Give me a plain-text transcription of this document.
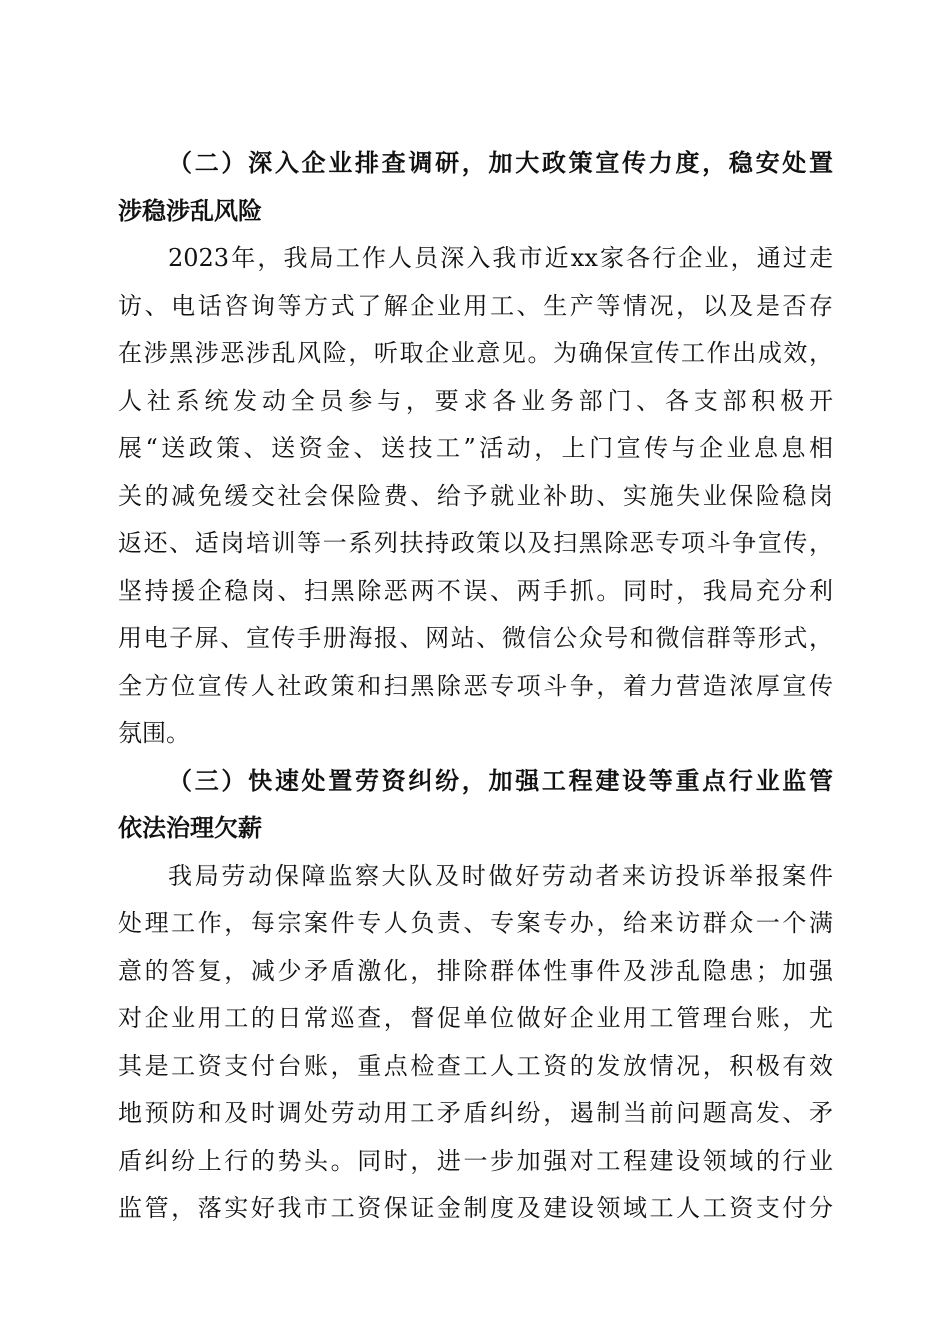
（二）深入企业排查调研，加大政策宣传力度，稳安处置
涉稳涉乱风险
2023年，我局工作人员深入我市近xx家各行企业，通过走
访、电话咨询等方式了解企业用工、生产等情况，以及是否存
在涉黑涉恶涉乱风险，听取企业意见。为确保宣传工作出成效，
人社系统发动全员参与，要求各业务部门、各支部积极开
展“送政策、送资金、送技工”活动，上门宣传与企业息息相
关的减免缓交社会保险费、给予就业补助、实施失业保险稳岗
返还、适岗培训等一系列扶持政策以及扫黑除恶专项斗争宣传，
坚持援企稳岗、扫黑除恶两不误、两手抓。同时，我局充分利
用电子屏、宣传手册海报、网站、微信公众号和微信群等形式，
全方位宣传人社政策和扫黑除恶专项斗争，着力营造浓厚宣传
氛围。
（三）快速处置劳资纠纷，加强工程建设等重点行业监管
依法治理欠薪
我局劳动保障监察大队及时做好劳动者来访投诉举报案件
处理工作，每宗案件专人负责、专案专办，给来访群众一个满
意的答复，减少矛盾激化，排除群体性事件及涉乱隐患；加强
对企业用工的日常巡查，督促单位做好企业用工管理台账，尤
其是工资支付台账，重点检查工人工资的发放情况，积极有效
地预防和及时调处劳动用工矛盾纠纷，遏制当前问题高发、矛
盾纠纷上行的势头。同时，进一步加强对工程建设领域的行业
监管，落实好我市工资保证金制度及建设领域工人工资支付分
